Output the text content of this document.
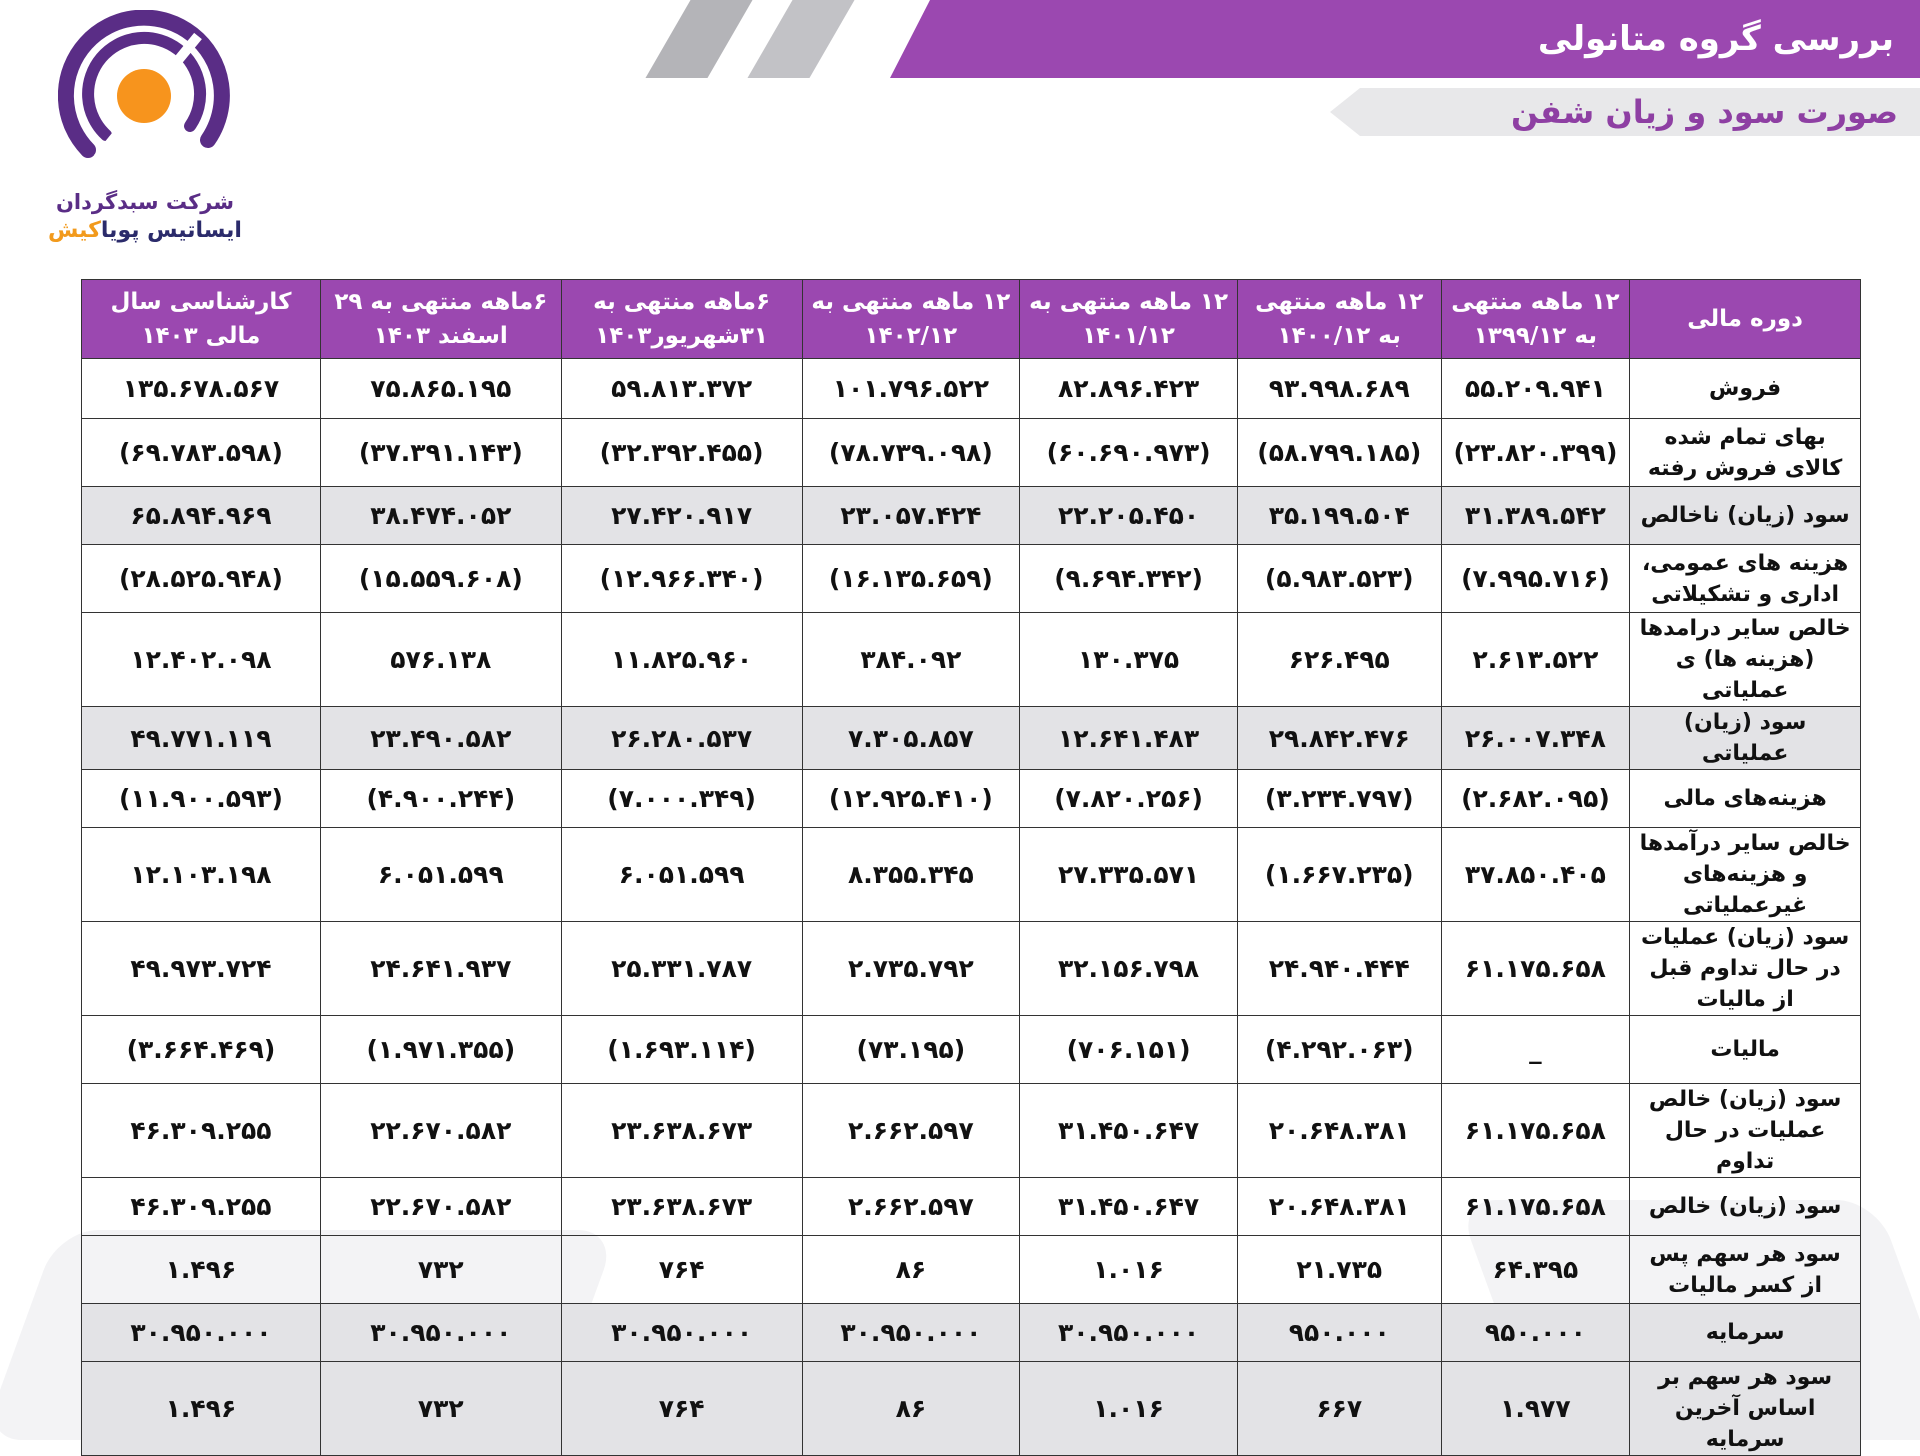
بررسی گروه متانولی
صورت سود و زیان شفن
شرکت سبدگردان
ایساتیس پویاکیش
دوره مالی	۱۲ ماهه منتهی به ۱۳۹۹/۱۲	۱۲ ماهه منتهی به ۱۴۰۰/۱۲	۱۲ ماهه منتهی به ۱۴۰۱/۱۲	۱۲ ماهه منتهی به ۱۴۰۲/۱۲	۶ماهه منتهی به ۳۱شهریور۱۴۰۳	۶ماهه منتهی به ۲۹ اسفند ۱۴۰۳	کارشناسی سال مالی ۱۴۰۳
فروش	۵۵.۲۰۹.۹۴۱	۹۳.۹۹۸.۶۸۹	۸۲.۸۹۶.۴۲۳	۱۰۱.۷۹۶.۵۲۲	۵۹.۸۱۳.۳۷۲	۷۵.۸۶۵.۱۹۵	۱۳۵.۶۷۸.۵۶۷
بهای تمام شده کالای فروش رفته	(۲۳.۸۲۰.۳۹۹)	(۵۸.۷۹۹.۱۸۵)	(۶۰.۶۹۰.۹۷۳)	(۷۸.۷۳۹.۰۹۸)	(۳۲.۳۹۲.۴۵۵)	(۳۷.۳۹۱.۱۴۳)	(۶۹.۷۸۳.۵۹۸)
سود (زیان) ناخالص	۳۱.۳۸۹.۵۴۲	۳۵.۱۹۹.۵۰۴	۲۲.۲۰۵.۴۵۰	۲۳.۰۵۷.۴۲۴	۲۷.۴۲۰.۹۱۷	۳۸.۴۷۴.۰۵۲	۶۵.۸۹۴.۹۶۹
هزینه های عمومی، اداری و تشکیلاتی	(۷.۹۹۵.۷۱۶)	(۵.۹۸۳.۵۲۳)	(۹.۶۹۴.۳۴۲)	(۱۶.۱۳۵.۶۵۹)	(۱۲.۹۶۶.۳۴۰)	(۱۵.۵۵۹.۶۰۸)	(۲۸.۵۲۵.۹۴۸)
خالص سایر درامدها (هزینه ها) ی عملیاتی	۲.۶۱۳.۵۲۲	۶۲۶.۴۹۵	۱۳۰.۳۷۵	۳۸۴.۰۹۲	۱۱.۸۲۵.۹۶۰	۵۷۶.۱۳۸	۱۲.۴۰۲.۰۹۸
سود (زیان) عملیاتی	۲۶.۰۰۷.۳۴۸	۲۹.۸۴۲.۴۷۶	۱۲.۶۴۱.۴۸۳	۷.۳۰۵.۸۵۷	۲۶.۲۸۰.۵۳۷	۲۳.۴۹۰.۵۸۲	۴۹.۷۷۱.۱۱۹
هزینه‌های مالی	(۲.۶۸۲.۰۹۵)	(۳.۲۳۴.۷۹۷)	(۷.۸۲۰.۲۵۶)	(۱۲.۹۲۵.۴۱۰)	(۷.۰۰۰.۳۴۹)	(۴.۹۰۰.۲۴۴)	(۱۱.۹۰۰.۵۹۳)
خالص سایر درآمدها و هزینه‌های غیرعملیاتی	۳۷.۸۵۰.۴۰۵	(۱.۶۶۷.۲۳۵)	۲۷.۳۳۵.۵۷۱	۸.۳۵۵.۳۴۵	۶.۰۵۱.۵۹۹	۶.۰۵۱.۵۹۹	۱۲.۱۰۳.۱۹۸
سود (زیان) عملیات در حال تداوم قبل از مالیات	۶۱.۱۷۵.۶۵۸	۲۴.۹۴۰.۴۴۴	۳۲.۱۵۶.۷۹۸	۲.۷۳۵.۷۹۲	۲۵.۳۳۱.۷۸۷	۲۴.۶۴۱.۹۳۷	۴۹.۹۷۳.۷۲۴
مالیات	_	(۴.۲۹۲.۰۶۳)	(۷۰۶.۱۵۱)	(۷۳.۱۹۵)	(۱.۶۹۳.۱۱۴)	(۱.۹۷۱.۳۵۵)	(۳.۶۶۴.۴۶۹)
سود (زیان) خالص عملیات در حال تداوم	۶۱.۱۷۵.۶۵۸	۲۰.۶۴۸.۳۸۱	۳۱.۴۵۰.۶۴۷	۲.۶۶۲.۵۹۷	۲۳.۶۳۸.۶۷۳	۲۲.۶۷۰.۵۸۲	۴۶.۳۰۹.۲۵۵
سود (زیان) خالص	۶۱.۱۷۵.۶۵۸	۲۰.۶۴۸.۳۸۱	۳۱.۴۵۰.۶۴۷	۲.۶۶۲.۵۹۷	۲۳.۶۳۸.۶۷۳	۲۲.۶۷۰.۵۸۲	۴۶.۳۰۹.۲۵۵
سود هر سهم پس از کسر مالیات	۶۴.۳۹۵	۲۱.۷۳۵	۱.۰۱۶	۸۶	۷۶۴	۷۳۲	۱.۴۹۶
سرمایه	۹۵۰.۰۰۰	۹۵۰.۰۰۰	۳۰.۹۵۰.۰۰۰	۳۰.۹۵۰.۰۰۰	۳۰.۹۵۰.۰۰۰	۳۰.۹۵۰.۰۰۰	۳۰.۹۵۰.۰۰۰
سود هر سهم بر اساس آخرین سرمایه	۱.۹۷۷	۶۶۷	۱.۰۱۶	۸۶	۷۶۴	۷۳۲	۱.۴۹۶
